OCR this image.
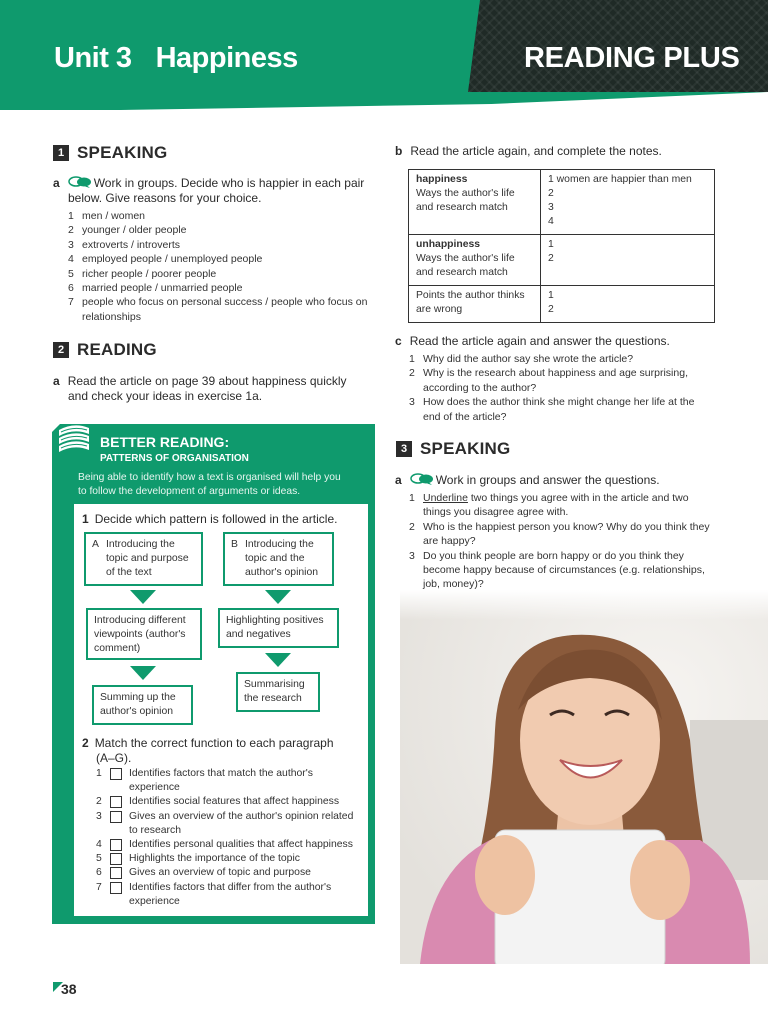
Unit 3 Happiness	READING PLUS
1 SPEAKING
a	Work in groups. Decide who is happier in each pair
below. Give reasons for your choice.
1 men / women
2 younger / older people
3 extroverts / introverts
4 employed people / unemployed people
5 richer people / poorer people
6 married people / unmarried people
7 people who focus on personal success / people who focus on
relationships
2 READING
a Read the article on page 39 about happiness quickly
and check your ideas in exercise 1a.
BETTER READING:
PATTERNS OF ORGANISATION
Being able to identify how a text is organised will help you
to follow the development of arguments or ideas.
1 Decide which pattern is followed in the article.
A Introducing the
topic and purpose
of the text
Introducing different
viewpoints (author's
comment)
Summing up the
author's opinion
B Introducing the
topic and the
author's opinion
Highlighting positives
and negatives
Summarising
the research
2 Match the correct function to each paragraph
(A–G).
1	Identifies factors that match the author's
experience
2	Identifies social features that affect happiness
3	Gives an overview of the author's opinion related
to research
4	Identifies personal qualities that affect happiness
5	Highlights the importance of the topic
6	Gives an overview of topic and purpose
7	Identifies factors that differ from the author's
experience
b Read the article again, and complete the notes.
happiness
Ways the author's life
and research match	1 women are happier than men
2
3
4
unhappiness
Ways the author's life
and research match	1
2
Points the author thinks
are wrong	1
2
c Read the article again and answer the questions.
1 Why did the author say she wrote the article?
2 Why is the research about happiness and age surprising,
according to the author?
3 How does the author think she might change her life at the
end of the article?
3 SPEAKING
a	Work in groups and answer the questions.
1 Underline two things you agree with in the article and two
things you disagree agree with.
2 Who is the happiest person you know? Why do you think they
are happy?
3 Do you think people are born happy or do you think they
become happy because of circumstances (e.g. relationships,
job, money)?
38
